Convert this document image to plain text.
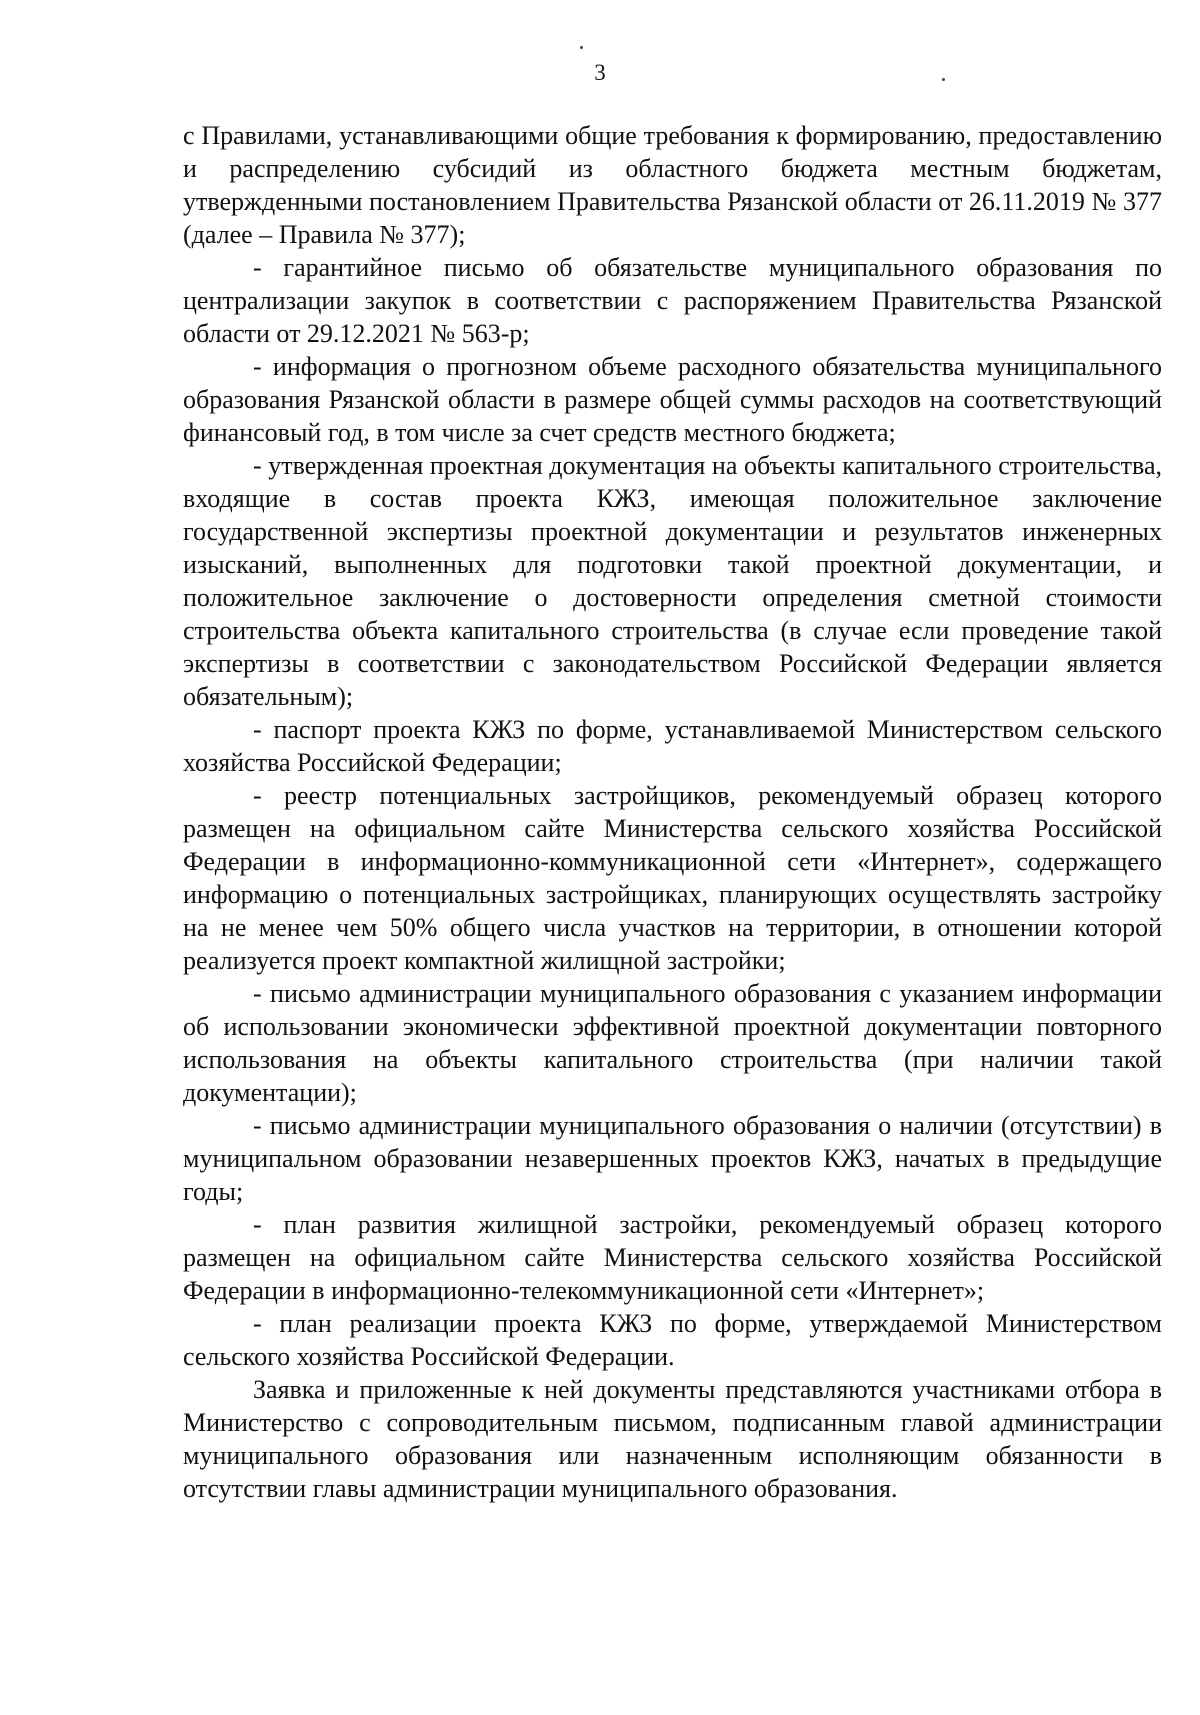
3

с Правилами, устанавливающими общие требования к формированию, предоставлению и распределению субсидий из областного бюджета местным бюджетам, утвержденными постановлением Правительства Рязанской области от 26.11.2019 № 377 (далее – Правила № 377);

- гарантийное письмо об обязательстве муниципального образования по централизации закупок в соответствии с распоряжением Правительства Рязанской области от 29.12.2021 № 563-р;

- информация о прогнозном объеме расходного обязательства муниципального образования Рязанской области в размере общей суммы расходов на соответствующий финансовый год, в том числе за счет средств местного бюджета;

- утвержденная проектная документация на объекты капитального строительства, входящие в состав проекта КЖЗ, имеющая положительное заключение государственной экспертизы проектной документации и результатов инженерных изысканий, выполненных для подготовки такой проектной документации, и положительное заключение о достоверности определения сметной стоимости строительства объекта капитального строительства (в случае если проведение такой экспертизы в соответствии с законодательством Российской Федерации является обязательным);

- паспорт проекта КЖЗ по форме, устанавливаемой Министерством сельского хозяйства Российской Федерации;

- реестр потенциальных застройщиков, рекомендуемый образец которого размещен на официальном сайте Министерства сельского хозяйства Российской Федерации в информационно-коммуникационной сети «Интернет», содержащего информацию о потенциальных застройщиках, планирующих осуществлять застройку на не менее чем 50% общего числа участков на территории, в отношении которой реализуется проект компактной жилищной застройки;

- письмо администрации муниципального образования с указанием информации об использовании экономически эффективной проектной документации повторного использования на объекты капитального строительства (при наличии такой документации);

- письмо администрации муниципального образования о наличии (отсутствии) в муниципальном образовании незавершенных проектов КЖЗ, начатых в предыдущие годы;

- план развития жилищной застройки, рекомендуемый образец которого размещен на официальном сайте Министерства сельского хозяйства Российской Федерации в информационно-телекоммуникационной сети «Интернет»;

- план реализации проекта КЖЗ по форме, утверждаемой Министерством сельского хозяйства Российской Федерации.

Заявка и приложенные к ней документы представляются участниками отбора в Министерство с сопроводительным письмом, подписанным главой администрации муниципального образования или назначенным исполняющим обязанности в отсутствии главы администрации муниципального образования.
